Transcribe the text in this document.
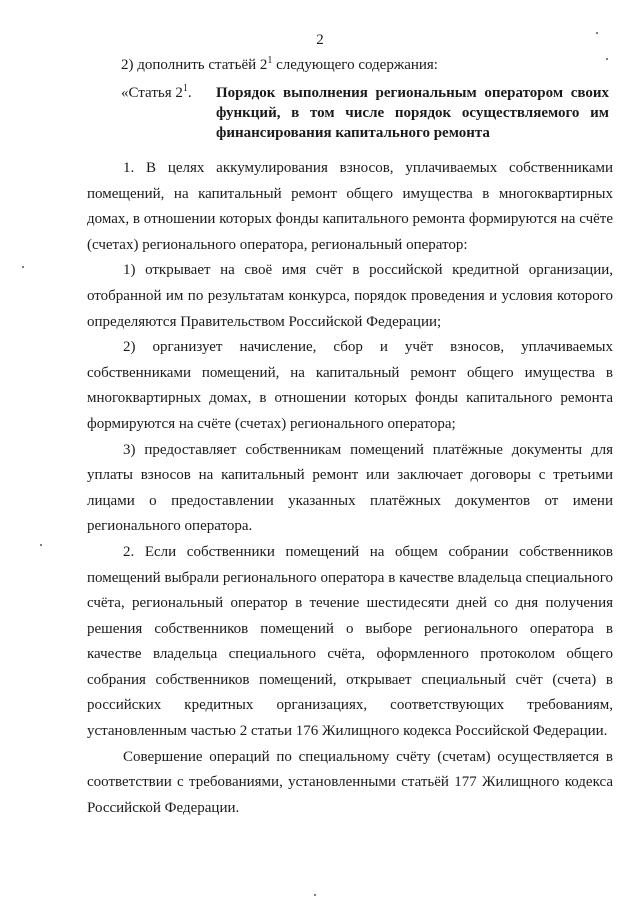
2
2) дополнить статьёй $2^1$ следующего содержания:
«Статья $2^1$.	Порядок выполнения региональным оператором своих функций, в том числе порядок осуществляемого им финансирования капитального ремонта

1. В целях аккумулирования взносов, уплачиваемых собственниками помещений, на капитальный ремонт общего имущества в многоквартирных домах, в отношении которых фонды капитального ремонта формируются на счёте (счетах) регионального оператора, региональный оператор:

1) открывает на своё имя счёт в российской кредитной организации, отобранной им по результатам конкурса, порядок проведения и условия которого определяются Правительством Российской Федерации;

2) организует начисление, сбор и учёт взносов, уплачиваемых собственниками помещений, на капитальный ремонт общего имущества в многоквартирных домах, в отношении которых фонды капитального ремонта формируются на счёте (счетах) регионального оператора;

3) предоставляет собственникам помещений платёжные документы для уплаты взносов на капитальный ремонт или заключает договоры с третьими лицами о предоставлении указанных платёжных документов от имени регионального оператора.

2. Если собственники помещений на общем собрании собственников помещений выбрали регионального оператора в качестве владельца специального счёта, региональный оператор в течение шестидесяти дней со дня получения решения собственников помещений о выборе регионального оператора в качестве владельца специального счёта, оформленного протоколом общего собрания собственников помещений, открывает специальный счёт (счета) в российских кредитных организациях, соответствующих требованиям, установленным частью 2 статьи 176 Жилищного кодекса Российской Федерации.

Совершение операций по специальному счёту (счетам) осуществляется в соответствии с требованиями, установленными статьёй 177 Жилищного кодекса Российской Федерации.
